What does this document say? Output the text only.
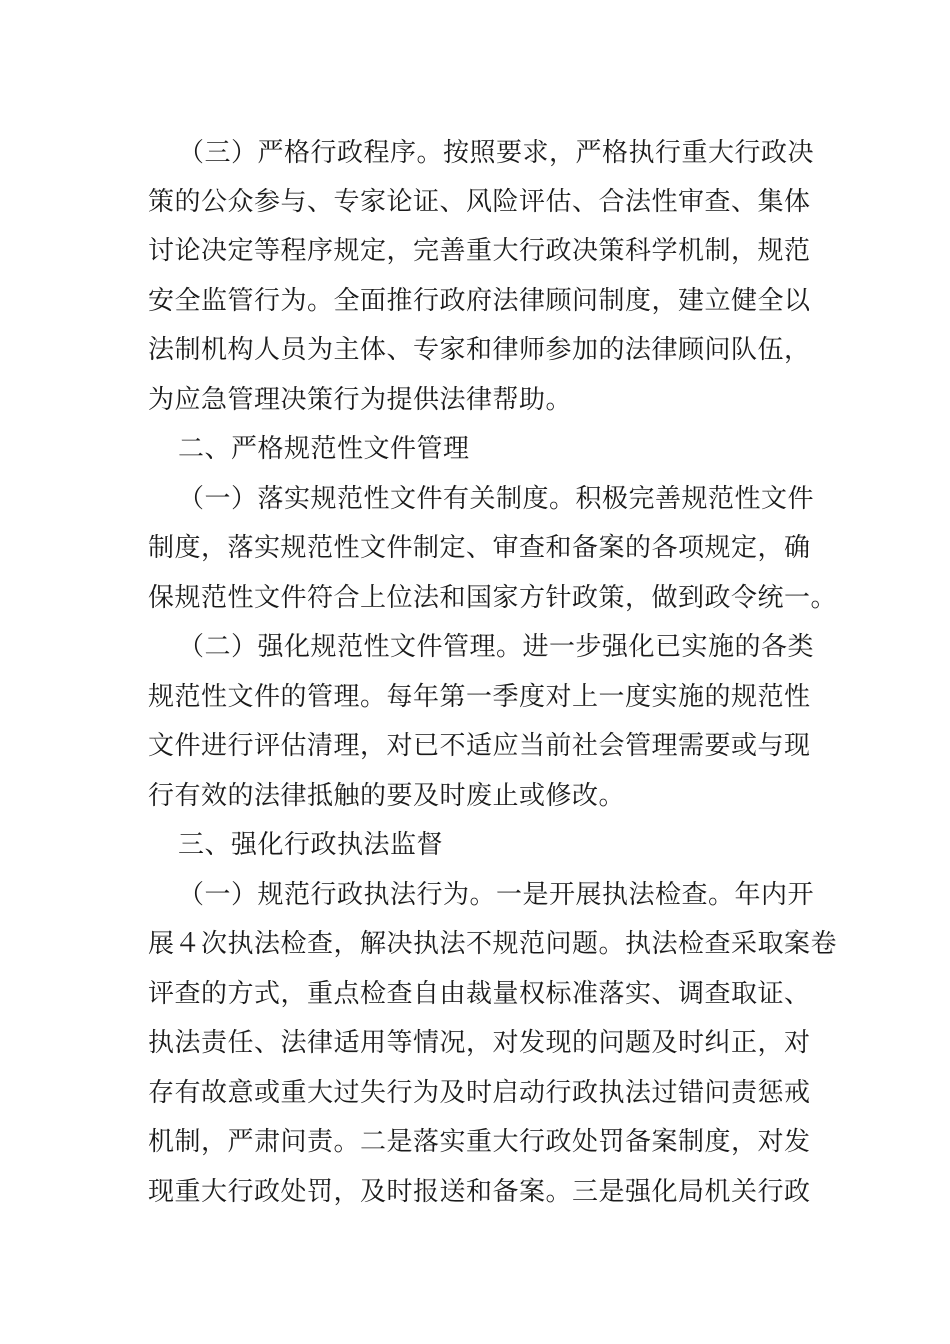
（三）严格行政程序。按照要求，严格执行重大行政决
策的公众参与、专家论证、风险评估、合法性审查、集体
讨论决定等程序规定，完善重大行政决策科学机制，规范
安全监管行为。全面推行政府法律顾问制度，建立健全以
法制机构人员为主体、专家和律师参加的法律顾问队伍，
为应急管理决策行为提供法律帮助。
二、严格规范性文件管理
（一）落实规范性文件有关制度。积极完善规范性文件
制度，落实规范性文件制定、审查和备案的各项规定，确
保规范性文件符合上位法和国家方针政策，做到政令统一。
（二）强化规范性文件管理。进一步强化已实施的各类
规范性文件的管理。每年第一季度对上一度实施的规范性
文件进行评估清理，对已不适应当前社会管理需要或与现
行有效的法律抵触的要及时废止或修改。
三、强化行政执法监督
（一）规范行政执法行为。一是开展执法检查。年内开
展４次执法检查，解决执法不规范问题。执法检查采取案卷
评查的方式，重点检查自由裁量权标准落实、调查取证、
执法责任、法律适用等情况，对发现的问题及时纠正，对
存有故意或重大过失行为及时启动行政执法过错问责惩戒
机制，严肃问责。二是落实重大行政处罚备案制度，对发
现重大行政处罚，及时报送和备案。三是强化局机关行政
